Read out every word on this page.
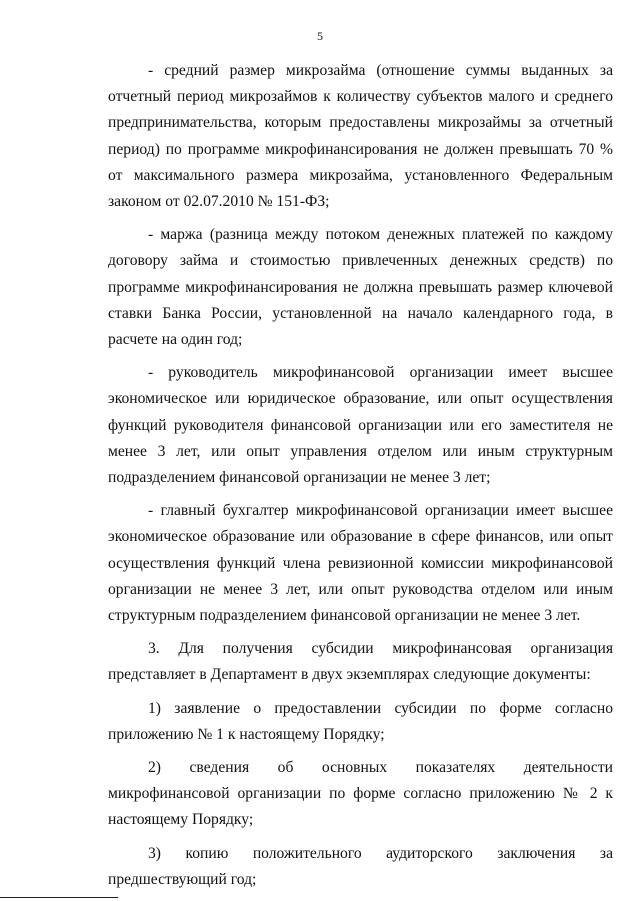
5

- средний размер микрозайма (отношение суммы выданных за отчетный период микрозаймов к количеству субъектов малого и среднего предпринимательства, которым предоставлены микрозаймы за отчетный период) по программе микрофинансирования не должен превышать 70 % от максимального размера микрозайма, установленного Федеральным законом от 02.07.2010 № 151-ФЗ;

- маржа (разница между потоком денежных платежей по каждому договору займа и стоимостью привлеченных денежных средств) по программе микрофинансирования не должна превышать размер ключевой ставки Банка России, установленной на начало календарного года, в расчете на один год;

- руководитель микрофинансовой организации имеет высшее экономическое или юридическое образование, или опыт осуществления функций руководителя финансовой организации или его заместителя не менее 3 лет, или опыт управления отделом или иным структурным подразделением финансовой организации не менее 3 лет;

- главный бухгалтер микрофинансовой организации имеет высшее экономическое образование или образование в сфере финансов, или опыт осуществления функций члена ревизионной комиссии микрофинансовой организации не менее 3 лет, или опыт руководства отделом или иным структурным подразделением финансовой организации не менее 3 лет.

3. Для получения субсидии микрофинансовая организация представляет в Департамент в двух экземплярах следующие документы:

1) заявление о предоставлении субсидии по форме согласно приложению № 1 к настоящему Порядку;

2) сведения об основных показателях деятельности микрофинансовой организации по форме согласно приложению № 2 к настоящему Порядку;

3) копию положительного аудиторского заключения за предшествующий год;
